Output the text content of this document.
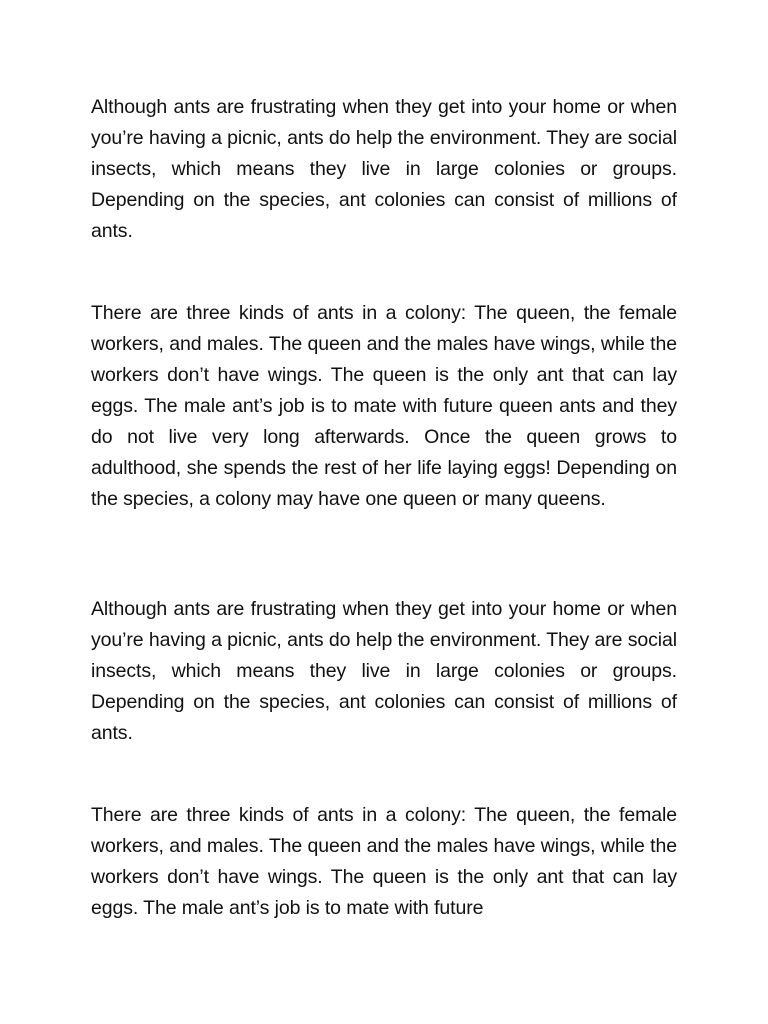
Although ants are frustrating when they get into your home or when you’re having a picnic, ants do help the environment. They are social insects, which means they live in large colonies or groups. Depending on the species, ant colonies can consist of millions of ants.

There are three kinds of ants in a colony: The queen, the female workers, and males. The queen and the males have wings, while the workers don’t have wings. The queen is the only ant that can lay eggs. The male ant’s job is to mate with future queen ants and they do not live very long afterwards. Once the queen grows to adulthood, she spends the rest of her life laying eggs! Depending on the species, a colony may have one queen or many queens.

Although ants are frustrating when they get into your home or when you’re having a picnic, ants do help the environment. They are social insects, which means they live in large colonies or groups. Depending on the species, ant colonies can consist of millions of ants.

There are three kinds of ants in a colony: The queen, the female workers, and males. The queen and the males have wings, while the workers don’t have wings. The queen is the only ant that can lay eggs. The male ant’s job is to mate with future
